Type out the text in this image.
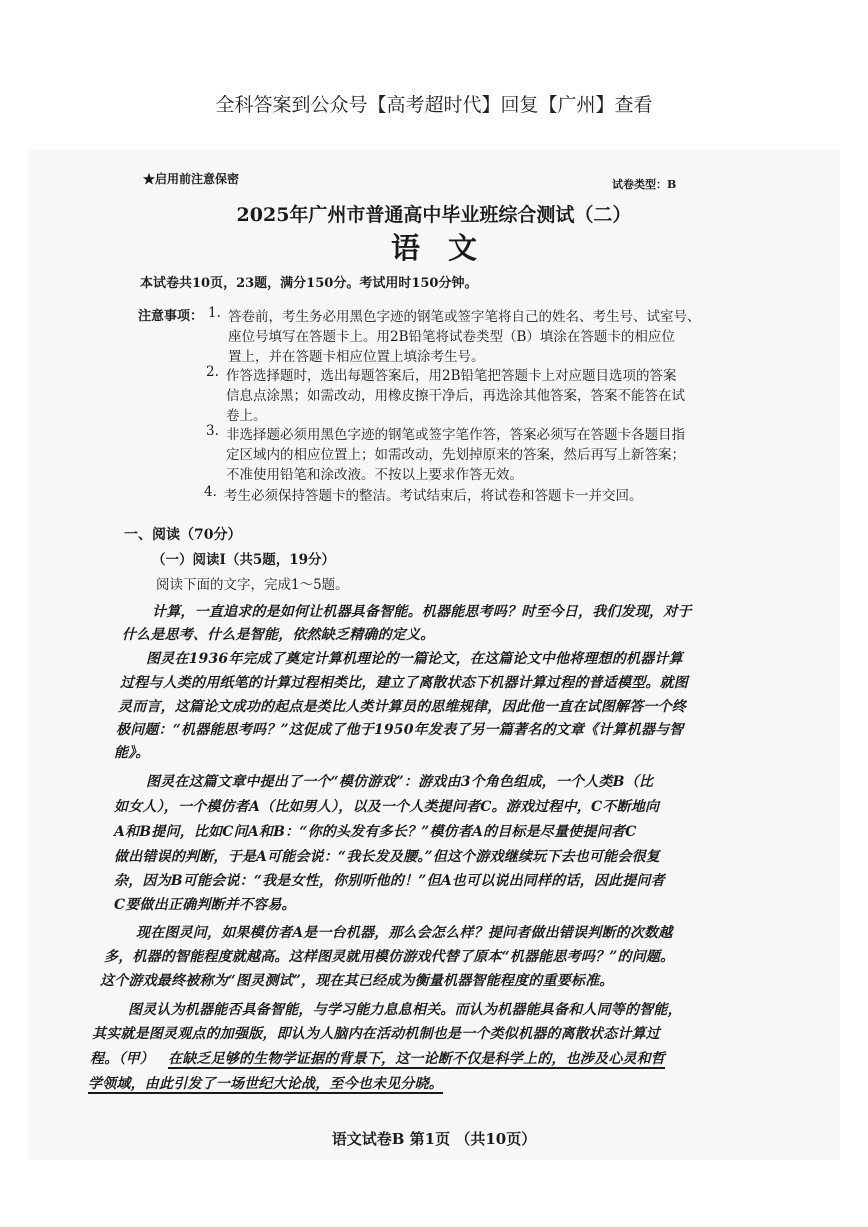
全科答案到公众号【高考超时代】回复【广州】查看
★启用前注意保密	试卷类型：B
2025年广州市普通高中毕业班综合测试（二）
语文
本试卷共10页，23题，满分150分。考试用时150分钟。
注意事项： 1. 答卷前，考生务必用黑色字迹的钢笔或签字笔将自己的姓名、考生号、试室号、
座位号填写在答题卡上。用2B铅笔将试卷类型（B）填涂在答题卡的相应位
置上，并在答题卡相应位置上填涂考生号。
2. 作答选择题时，选出每题答案后，用2B铅笔把答题卡上对应题目选项的答案
信息点涂黑；如需改动，用橡皮擦干净后，再选涂其他答案，答案不能答在试
卷上。
3. 非选择题必须用黑色字迹的钢笔或签字笔作答，答案必须写在答题卡各题目指
定区域内的相应位置上；如需改动，先划掉原来的答案，然后再写上新答案；
不准使用铅笔和涂改液。不按以上要求作答无效。
4. 考生必须保持答题卡的整洁。考试结束后，将试卷和答题卡一并交回。
一、阅读（70分）
（一）阅读Ⅰ（共5题，19分）
阅读下面的文字，完成1～5题。
计算，一直追求的是如何让机器具备智能。机器能思考吗？时至今日，我们发现，对于
什么是思考、什么是智能，依然缺乏精确的定义。
图灵在1936年完成了奠定计算机理论的一篇论文，在这篇论文中他将理想的机器计算
过程与人类的用纸笔的计算过程相类比，建立了离散状态下机器计算过程的普适模型。就图
灵而言，这篇论文成功的起点是类比人类计算员的思维规律，因此他一直在试图解答一个终
极问题：“机器能思考吗？”这促成了他于1950年发表了另一篇著名的文章《计算机器与智
能》。
图灵在这篇文章中提出了一个“模仿游戏”：游戏由3个角色组成，一个人类B（比
如女人），一个模仿者A（比如男人），以及一个人类提问者C。游戏过程中，C不断地向
A和B提问，比如C问A和B：“你的头发有多长？”模仿者A的目标是尽量使提问者C
做出错误的判断，于是A可能会说：“我长发及腰。”但这个游戏继续玩下去也可能会很复
杂，因为B可能会说：“我是女性，你别听他的！”但A也可以说出同样的话，因此提问者
C要做出正确判断并不容易。
现在图灵问，如果模仿者A是一台机器，那么会怎么样？提问者做出错误判断的次数越
多，机器的智能程度就越高。这样图灵就用模仿游戏代替了原本“机器能思考吗？”的问题。
这个游戏最终被称为“图灵测试”，现在其已经成为衡量机器智能程度的重要标准。
图灵认为机器能否具备智能，与学习能力息息相关。而认为机器能具备和人同等的智能，
其实就是图灵观点的加强版，即认为人脑内在活动机制也是一个类似机器的离散状态计算过
程。（甲） 在缺乏足够的生物学证据的背景下，这一论断不仅是科学上的，也涉及心灵和哲
学领域，由此引发了一场世纪大论战，至今也未见分晓。
语文试卷B 第1页 （共10页）
